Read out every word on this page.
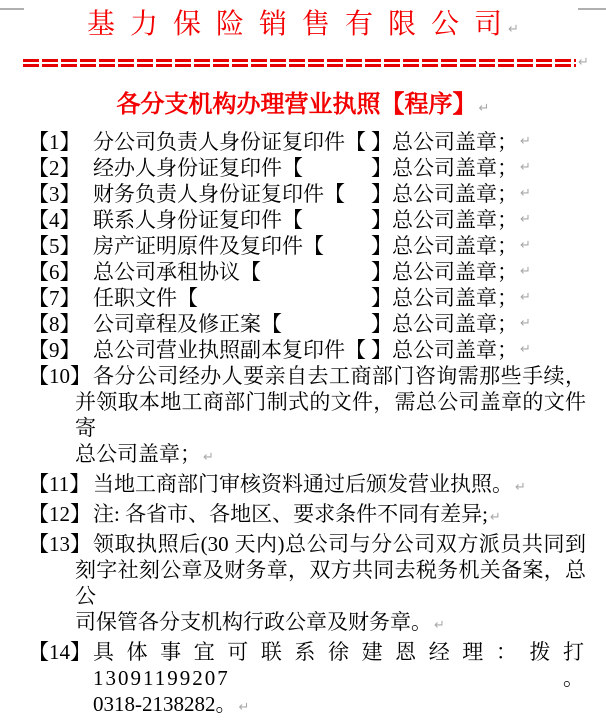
基 力 保 险 销 售 有 限 公 司 ↵
↵
各分支机构办理营业执照【程序】 ↵
【1】 分公司负责人身份证复印件【 】总公司盖章； ↵
【2】 经办人身份证复印件【	】总公司盖章； ↵
【3】 财务负责人身份证复印件【 】总公司盖章； ↵
【4】 联系人身份证复印件【	】总公司盖章； ↵
【5】 房产证明原件及复印件【 】总公司盖章； ↵
【6】 总公司承租协议【	】总公司盖章； ↵
【7】 任职文件【	】总公司盖章； ↵
【8】 公司章程及修正案【	】总公司盖章； ↵
【9】 总公司营业执照副本复印件【 】总公司盖章； ↵
【10】 各分公司经办人要亲自去工商部门咨询需那些手续，
并领取本地工商部门制式的文件，需总公司盖章的文件寄
总公司盖章； ↵
【11】 当地工商部门审核资料通过后颁发营业执照。 ↵
【12】 注: 各省市、各地区、要求条件不同有差异; ↵
【13】 领取执照后(30 天内)总公司与分公司双方派员共同到
刻字社刻公章及财务章，双方共同去税务机关备案，总公
司保管各分支机构行政公章及财务章。 ↵
【14】 具体事宜可联系徐建恩经理：拨打 13091199207。
0318-2138282。 ↵
